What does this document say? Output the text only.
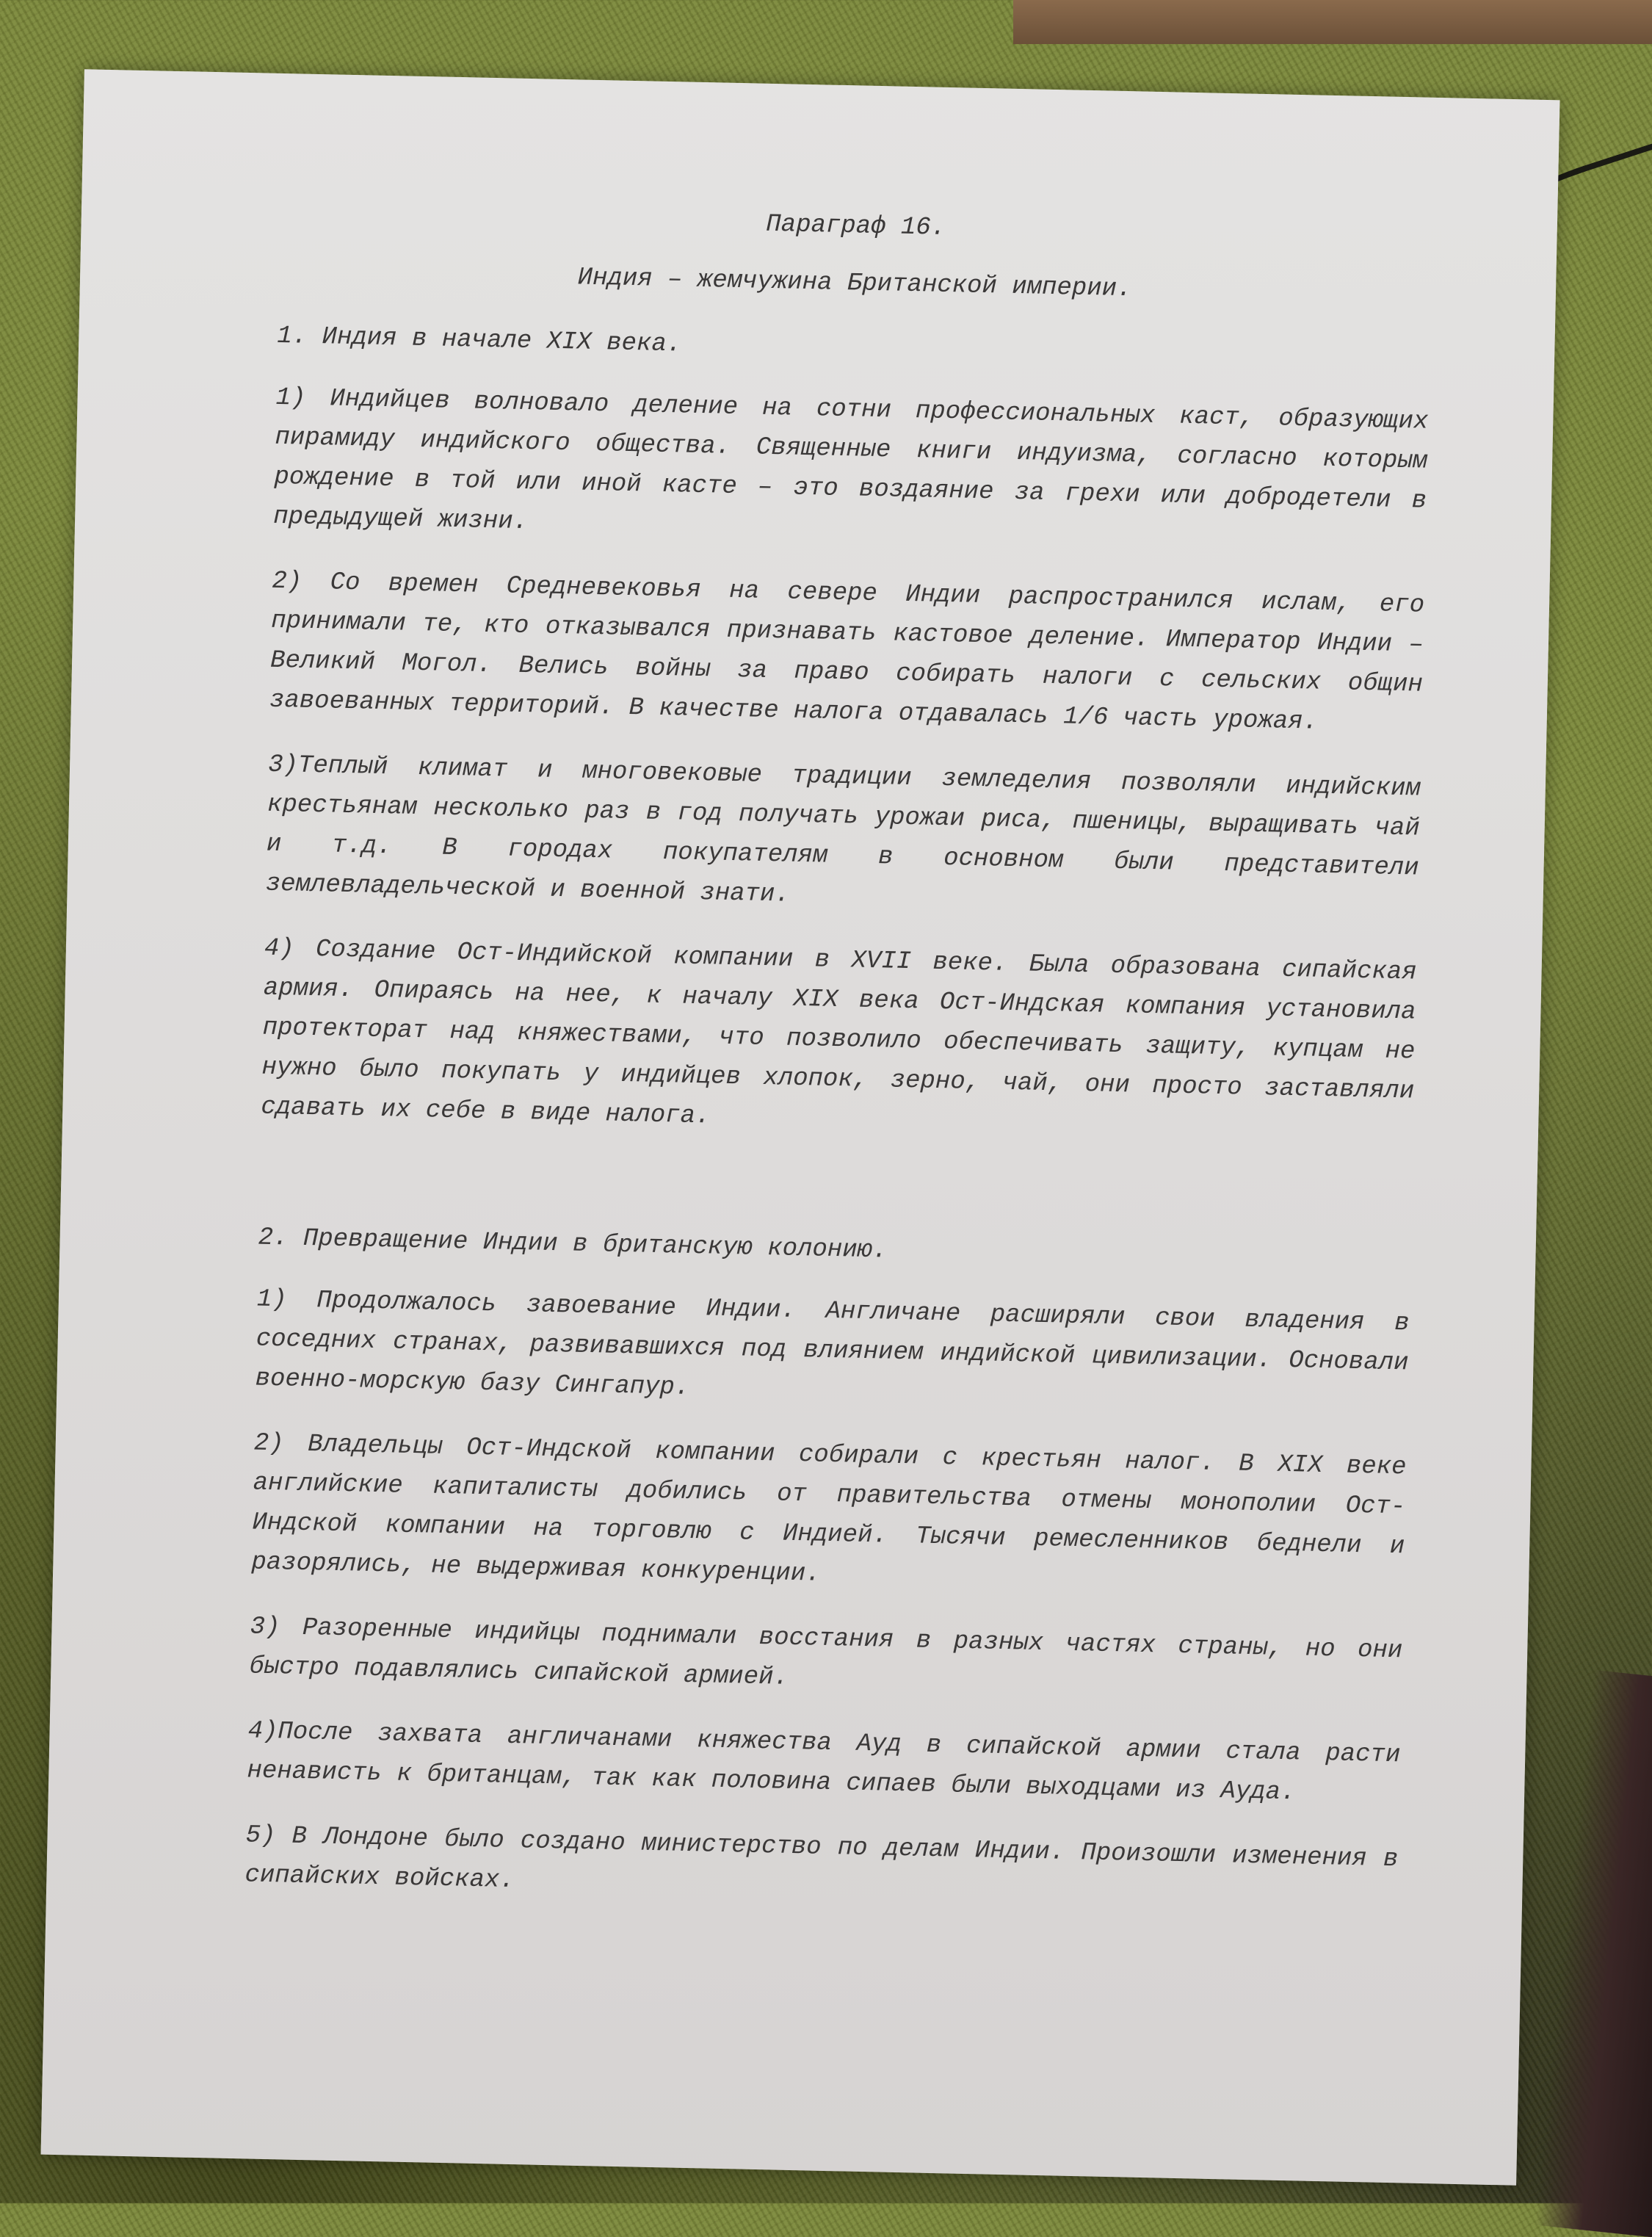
Параграф 16.
Индия – жемчужина Британской империи.
1. Индия в начале XIX века.
1) Индийцев волновало деление на сотни профессиональных каст, образующих пирамиду индийского общества. Священные книги индуизма, согласно которым рождение в той или иной касте – это воздаяние за грехи или добродетели в предыдущей жизни.
2) Со времен Средневековья на севере Индии распространился ислам, его принимали те, кто отказывался признавать кастовое деление. Император Индии – Великий Могол. Велись войны за право собирать налоги с сельских общин завоеванных территорий. В качестве налога отдавалась 1/6 часть урожая.
3)Теплый климат и многовековые традиции земледелия позволяли индийским крестьянам несколько раз в год получать урожаи риса, пшеницы, выращивать чай и т.д. В городах покупателям в основном были представители землевладельческой и военной знати.
4) Создание Ост-Индийской компании в XVII веке. Была образована сипайская армия. Опираясь на нее, к началу XIX века Ост-Индская компания установила протекторат над княжествами, что позволило обеспечивать защиту, купцам не нужно было покупать у индийцев хлопок, зерно, чай, они просто заставляли сдавать их себе в виде налога.
2. Превращение Индии в британскую колонию.
1) Продолжалось завоевание Индии. Англичане расширяли свои владения в соседних странах, развивавшихся под влиянием индийской цивилизации. Основали военно-морскую базу Сингапур.
2) Владельцы Ост-Индской компании собирали с крестьян налог. В XIX веке английские капиталисты добились от правительства отмены монополии Ост-Индской компании на торговлю с Индией. Тысячи ремесленников беднели и разорялись, не выдерживая конкуренции.
3) Разоренные индийцы поднимали восстания в разных частях страны, но они быстро подавлялись сипайской армией.
4)После захвата англичанами княжества Ауд в сипайской армии стала расти ненависть к британцам, так как половина сипаев были выходцами из Ауда.
5) В Лондоне было создано министерство по делам Индии. Произошли изменения в сипайских войсках.
